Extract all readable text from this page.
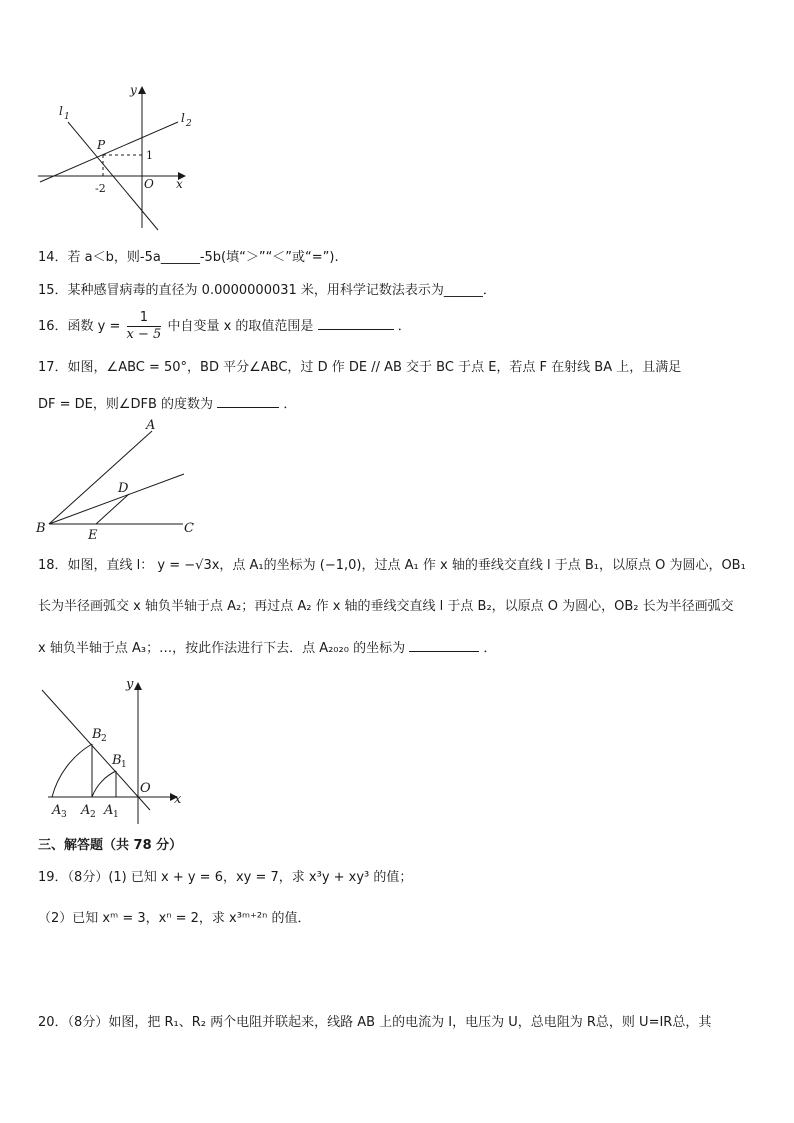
l 1	l 2
y
x
P
1
-2	O
14．若 a＜b，则-5a______-5b(填“＞”“＜”或“=”).
15．某种感冒病毒的直径为 0.0000000031 米，用科学记数法表示为______．
16．函数 $y = \frac{1}{x - 5}$ 中自变量 x 的取值范围是	．
17．如图，∠ABC = 50°，BD 平分∠ABC，过 D 作 DE // AB 交于 BC 于点 E，若点 F 在射线 BA 上，且满足
DF = DE，则∠DFB 的度数为	．
A
D
B	E	C
18．如图，直线 l： y = −√3x，点 A₁的坐标为 (−1,0)，过点 A₁ 作 x 轴的垂线交直线 l 于点 B₁，以原点 O 为圆心，OB₁
长为半径画弧交 x 轴负半轴于点 A₂；再过点 A₂ 作 x 轴的垂线交直线 l 于点 B₂，以原点 O 为圆心，OB₂ 长为半径画弧交
x 轴负半轴于点 A₃；…，按此作法进行下去．点 A₂₀₂₀ 的坐标为	．
y
x
O
B 2
B 1
A 3 A 2 A 1
三、解答题（共 78 分）
19．（8分）(1) 已知 x + y = 6，xy = 7，求 x³y + xy³ 的值；
（2）已知 xᵐ = 3，xⁿ = 2，求 x³ᵐ⁺²ⁿ 的值．
20．（8分）如图，把 R₁、R₂ 两个电阻并联起来，线路 AB 上的电流为 I，电压为 U，总电阻为 R总，则 U=IR总，其
